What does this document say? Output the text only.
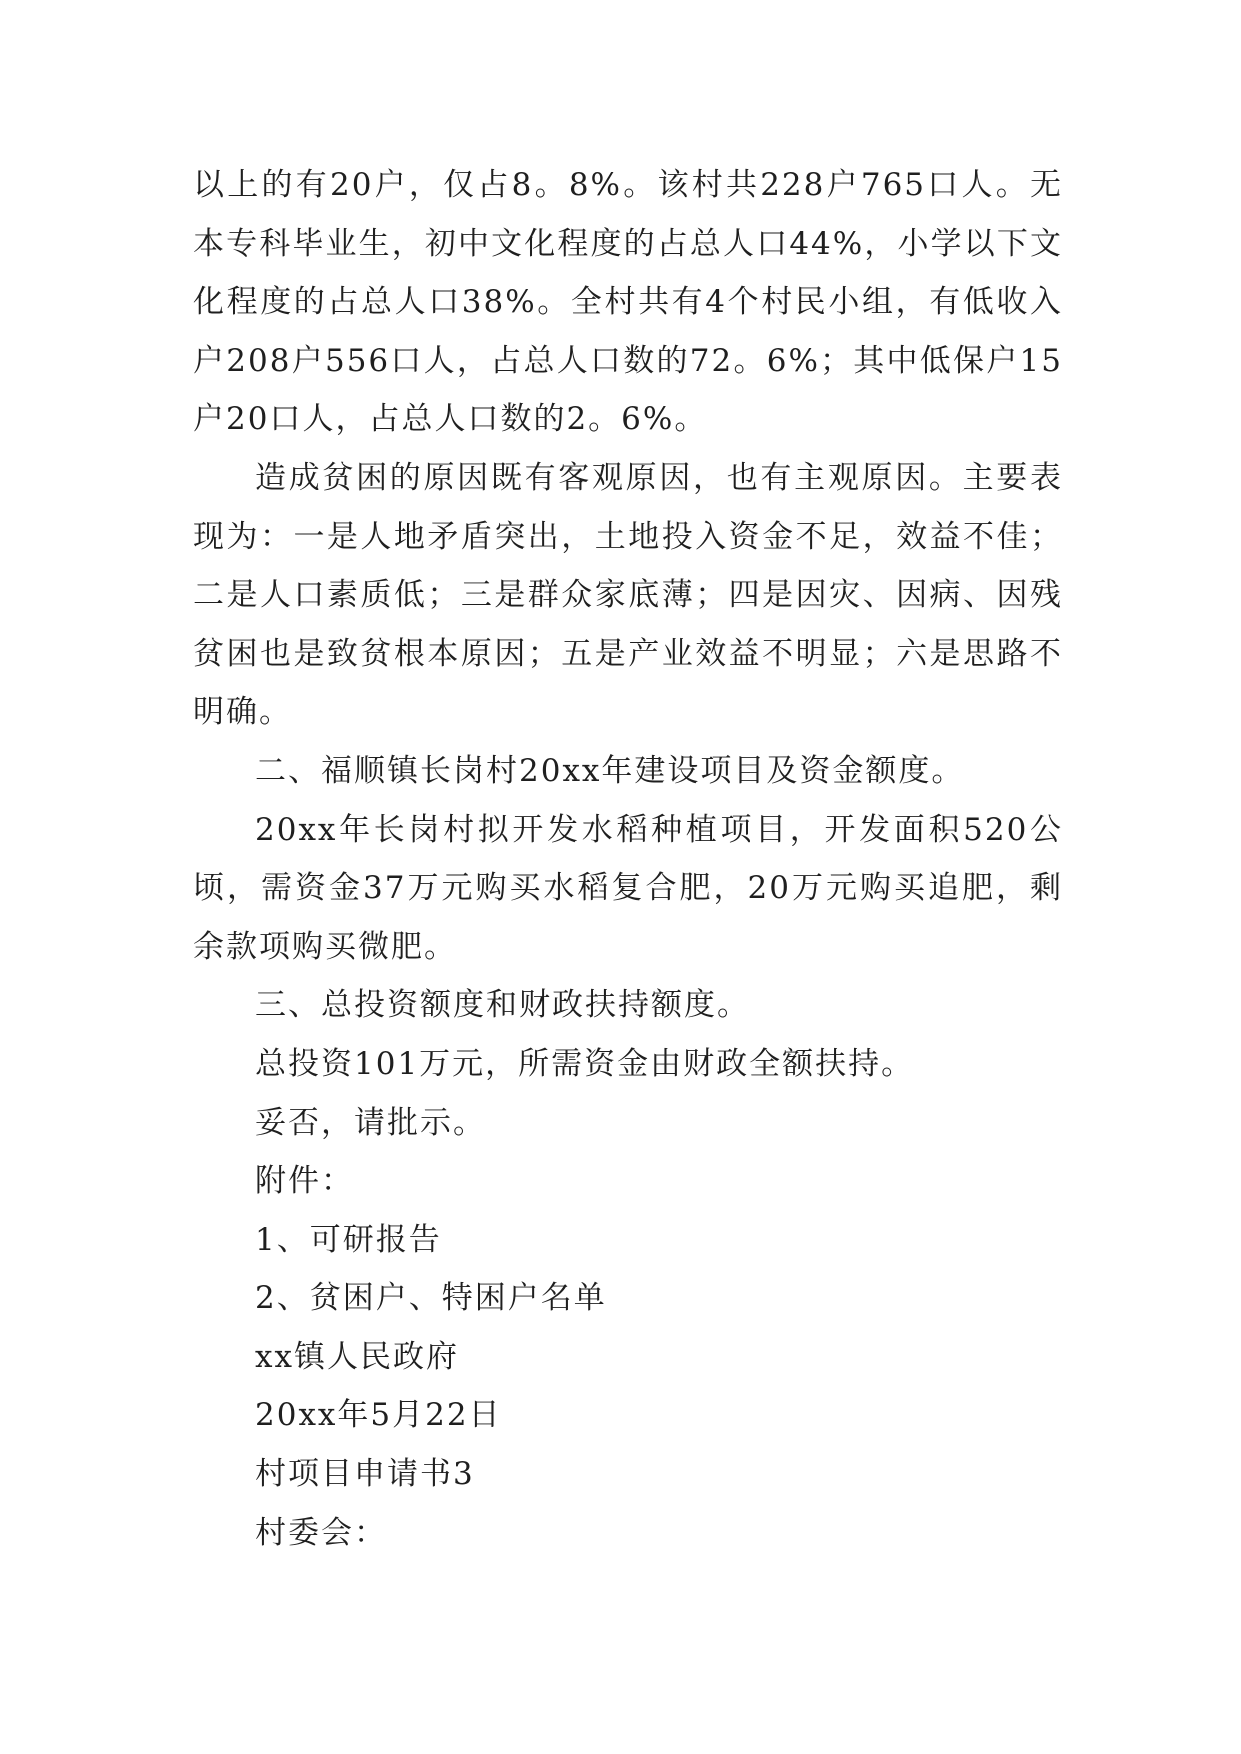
以上的有20户，仅占8。8%。该村共228户765口人。无本专科毕业生，初中文化程度的占总人口44%，小学以下文化程度的占总人口38%。全村共有4个村民小组，有低收入户208户556口人，占总人口数的72。6%；其中低保户15户20口人，占总人口数的2。6%。

造成贫困的原因既有客观原因，也有主观原因。主要表现为：一是人地矛盾突出，土地投入资金不足，效益不佳；二是人口素质低；三是群众家底薄；四是因灾、因病、因残贫困也是致贫根本原因；五是产业效益不明显；六是思路不明确。

二、福顺镇长岗村20xx年建设项目及资金额度。

20xx年长岗村拟开发水稻种植项目，开发面积520公顷，需资金37万元购买水稻复合肥，20万元购买追肥，剩余款项购买微肥。

三、总投资额度和财政扶持额度。

总投资101万元，所需资金由财政全额扶持。

妥否，请批示。

附件：

1、可研报告

2、贫困户、特困户名单

xx镇人民政府

20xx年5月22日

村项目申请书3

村委会：
